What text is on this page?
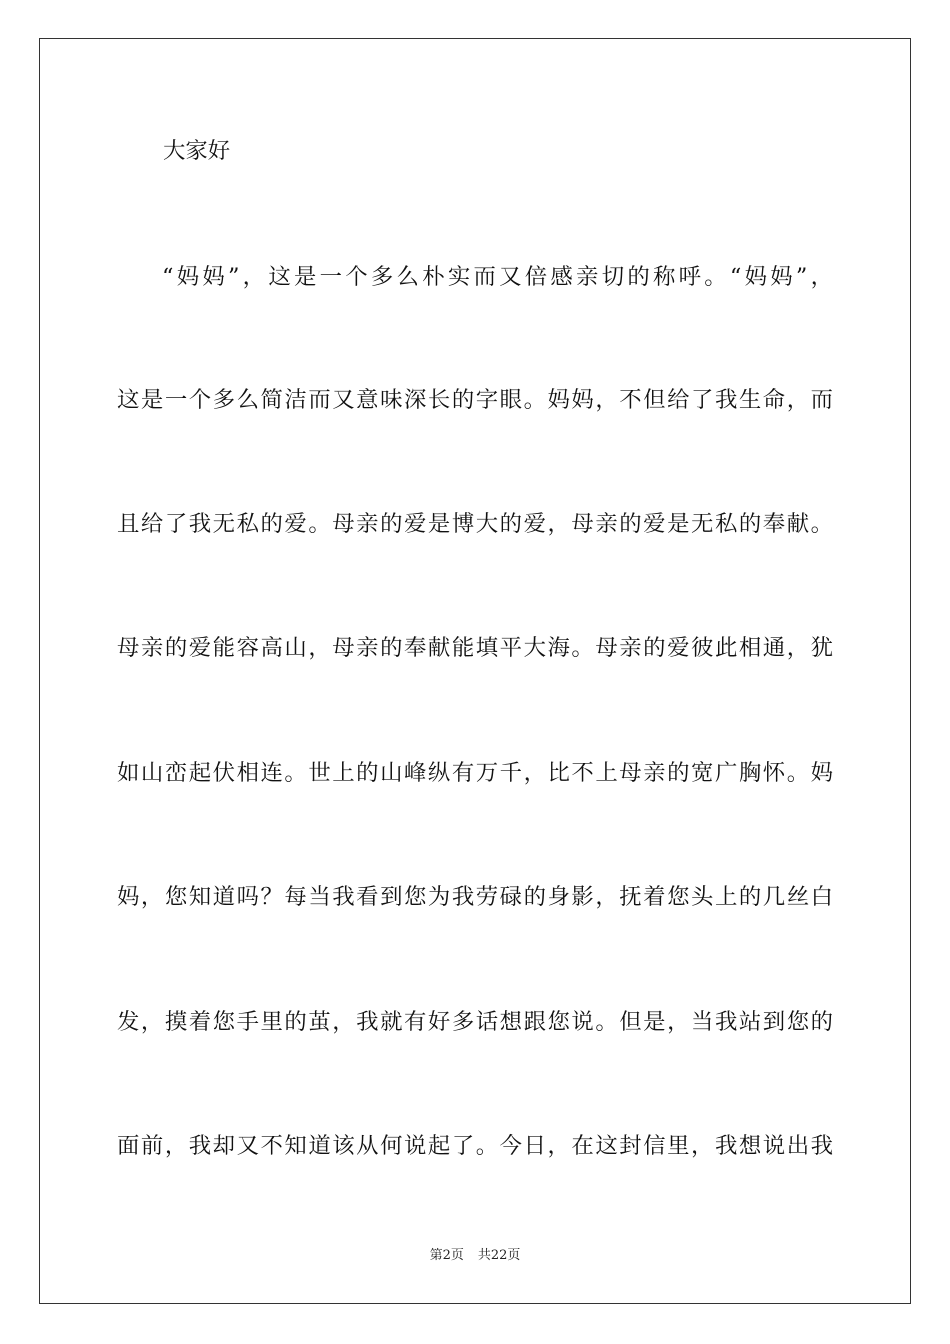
大家好
“妈妈”，这是一个多么朴实而又倍感亲切的称呼。“妈妈”，
这是一个多么简洁而又意味深长的字眼。妈妈，不但给了我生命，而
且给了我无私的爱。母亲的爱是博大的爱，母亲的爱是无私的奉献。
母亲的爱能容高山，母亲的奉献能填平大海。母亲的爱彼此相通，犹
如山峦起伏相连。世上的山峰纵有万千，比不上母亲的宽广胸怀。妈
妈，您知道吗？每当我看到您为我劳碌的身影，抚着您头上的几丝白
发，摸着您手里的茧，我就有好多话想跟您说。但是，当我站到您的
面前，我却又不知道该从何说起了。今日，在这封信里，我想说出我
第2页 共22页
